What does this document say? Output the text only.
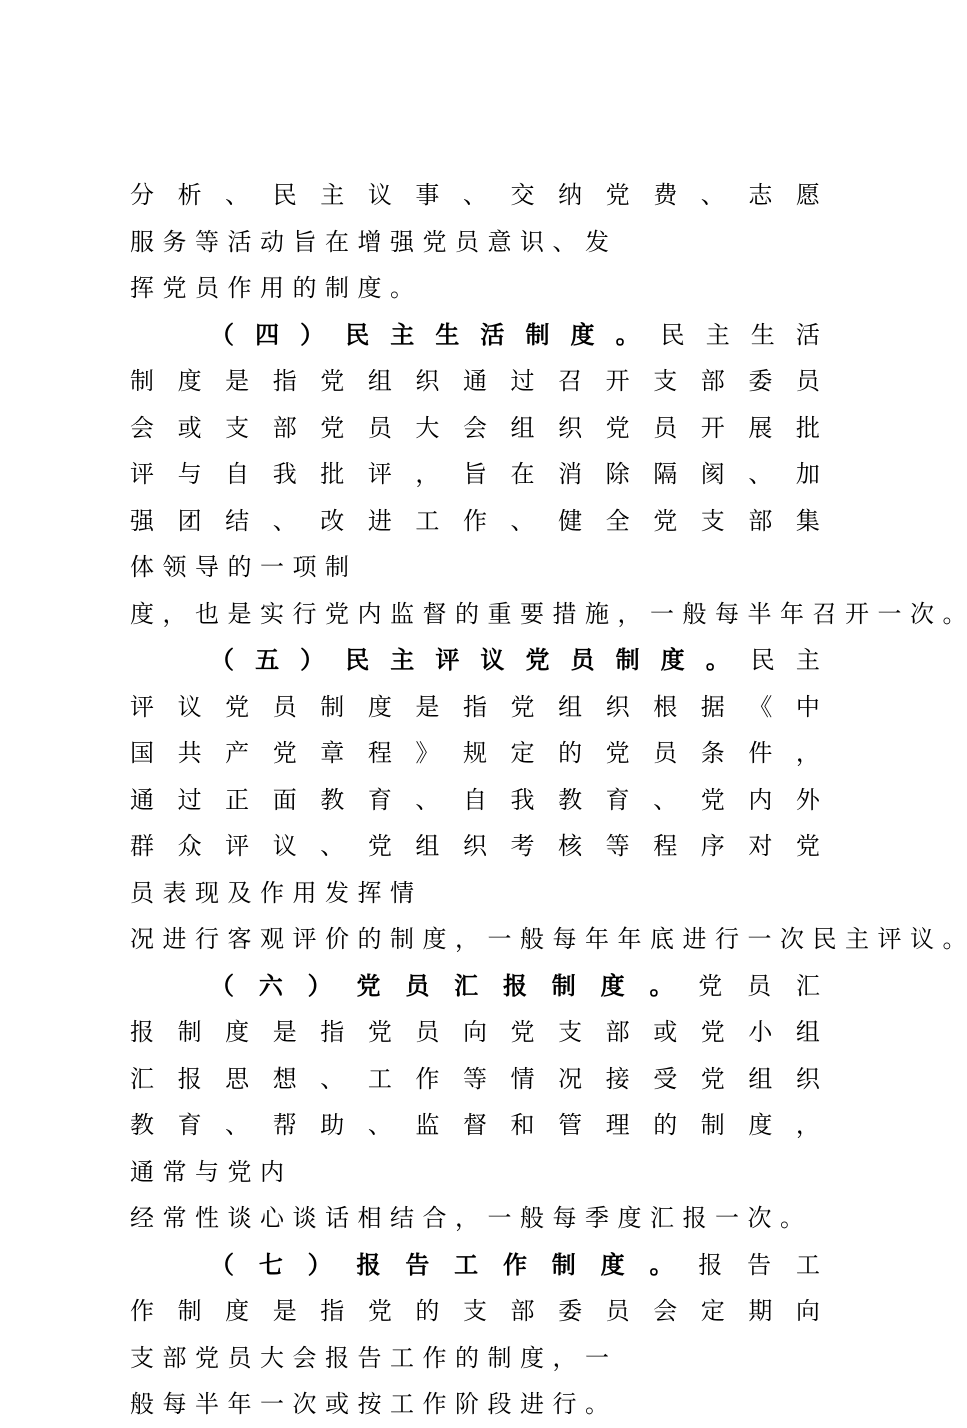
分 析 、 民 主 议 事 、 交 纳 党 费 、 志 愿
服 务 等 活 动 旨 在 增 强 党 员 意 识 、 发
挥 党 员 作 用 的 制 度 。
（ 四 ） 民 主 生 活 制 度 。 民 主 生 活
制 度 是 指 党 组 织 通 过 召 开 支 部 委 员
会 或 支 部 党 员 大 会 组 织 党 员 开 展 批
评 与 自 我 批 评 ， 旨 在 消 除 隔 阂 、 加
强 团 结 、 改 进 工 作 、 健 全 党 支 部 集
体 领 导 的 一 项 制
度 ， 也 是 实 行 党 内 监 督 的 重 要 措 施 ， 一 般 每 半 年 召 开 一 次 。
（ 五 ） 民 主 评 议 党 员 制 度 。 民 主
评 议 党 员 制 度 是 指 党 组 织 根 据 《 中
国 共 产 党 章 程 》 规 定 的 党 员 条 件 ，
通 过 正 面 教 育 、 自 我 教 育 、 党 内 外
群 众 评 议 、 党 组 织 考 核 等 程 序 对 党
员 表 现 及 作 用 发 挥 情
况 进 行 客 观 评 价 的 制 度 ， 一 般 每 年 年 底 进 行 一 次 民 主 评 议 。
（ 六 ） 党 员 汇 报 制 度 。 党 员 汇
报 制 度 是 指 党 员 向 党 支 部 或 党 小 组
汇 报 思 想 、 工 作 等 情 况 接 受 党 组 织
教 育 、 帮 助 、 监 督 和 管 理 的 制 度 ，
通 常 与 党 内
经 常 性 谈 心 谈 话 相 结 合 ， 一 般 每 季 度 汇 报 一 次 。
（ 七 ） 报 告 工 作 制 度 。 报 告 工
作 制 度 是 指 党 的 支 部 委 员 会 定 期 向
支 部 党 员 大 会 报 告 工 作 的 制 度 ， 一
般 每 半 年 一 次 或 按 工 作 阶 段 进 行 。
